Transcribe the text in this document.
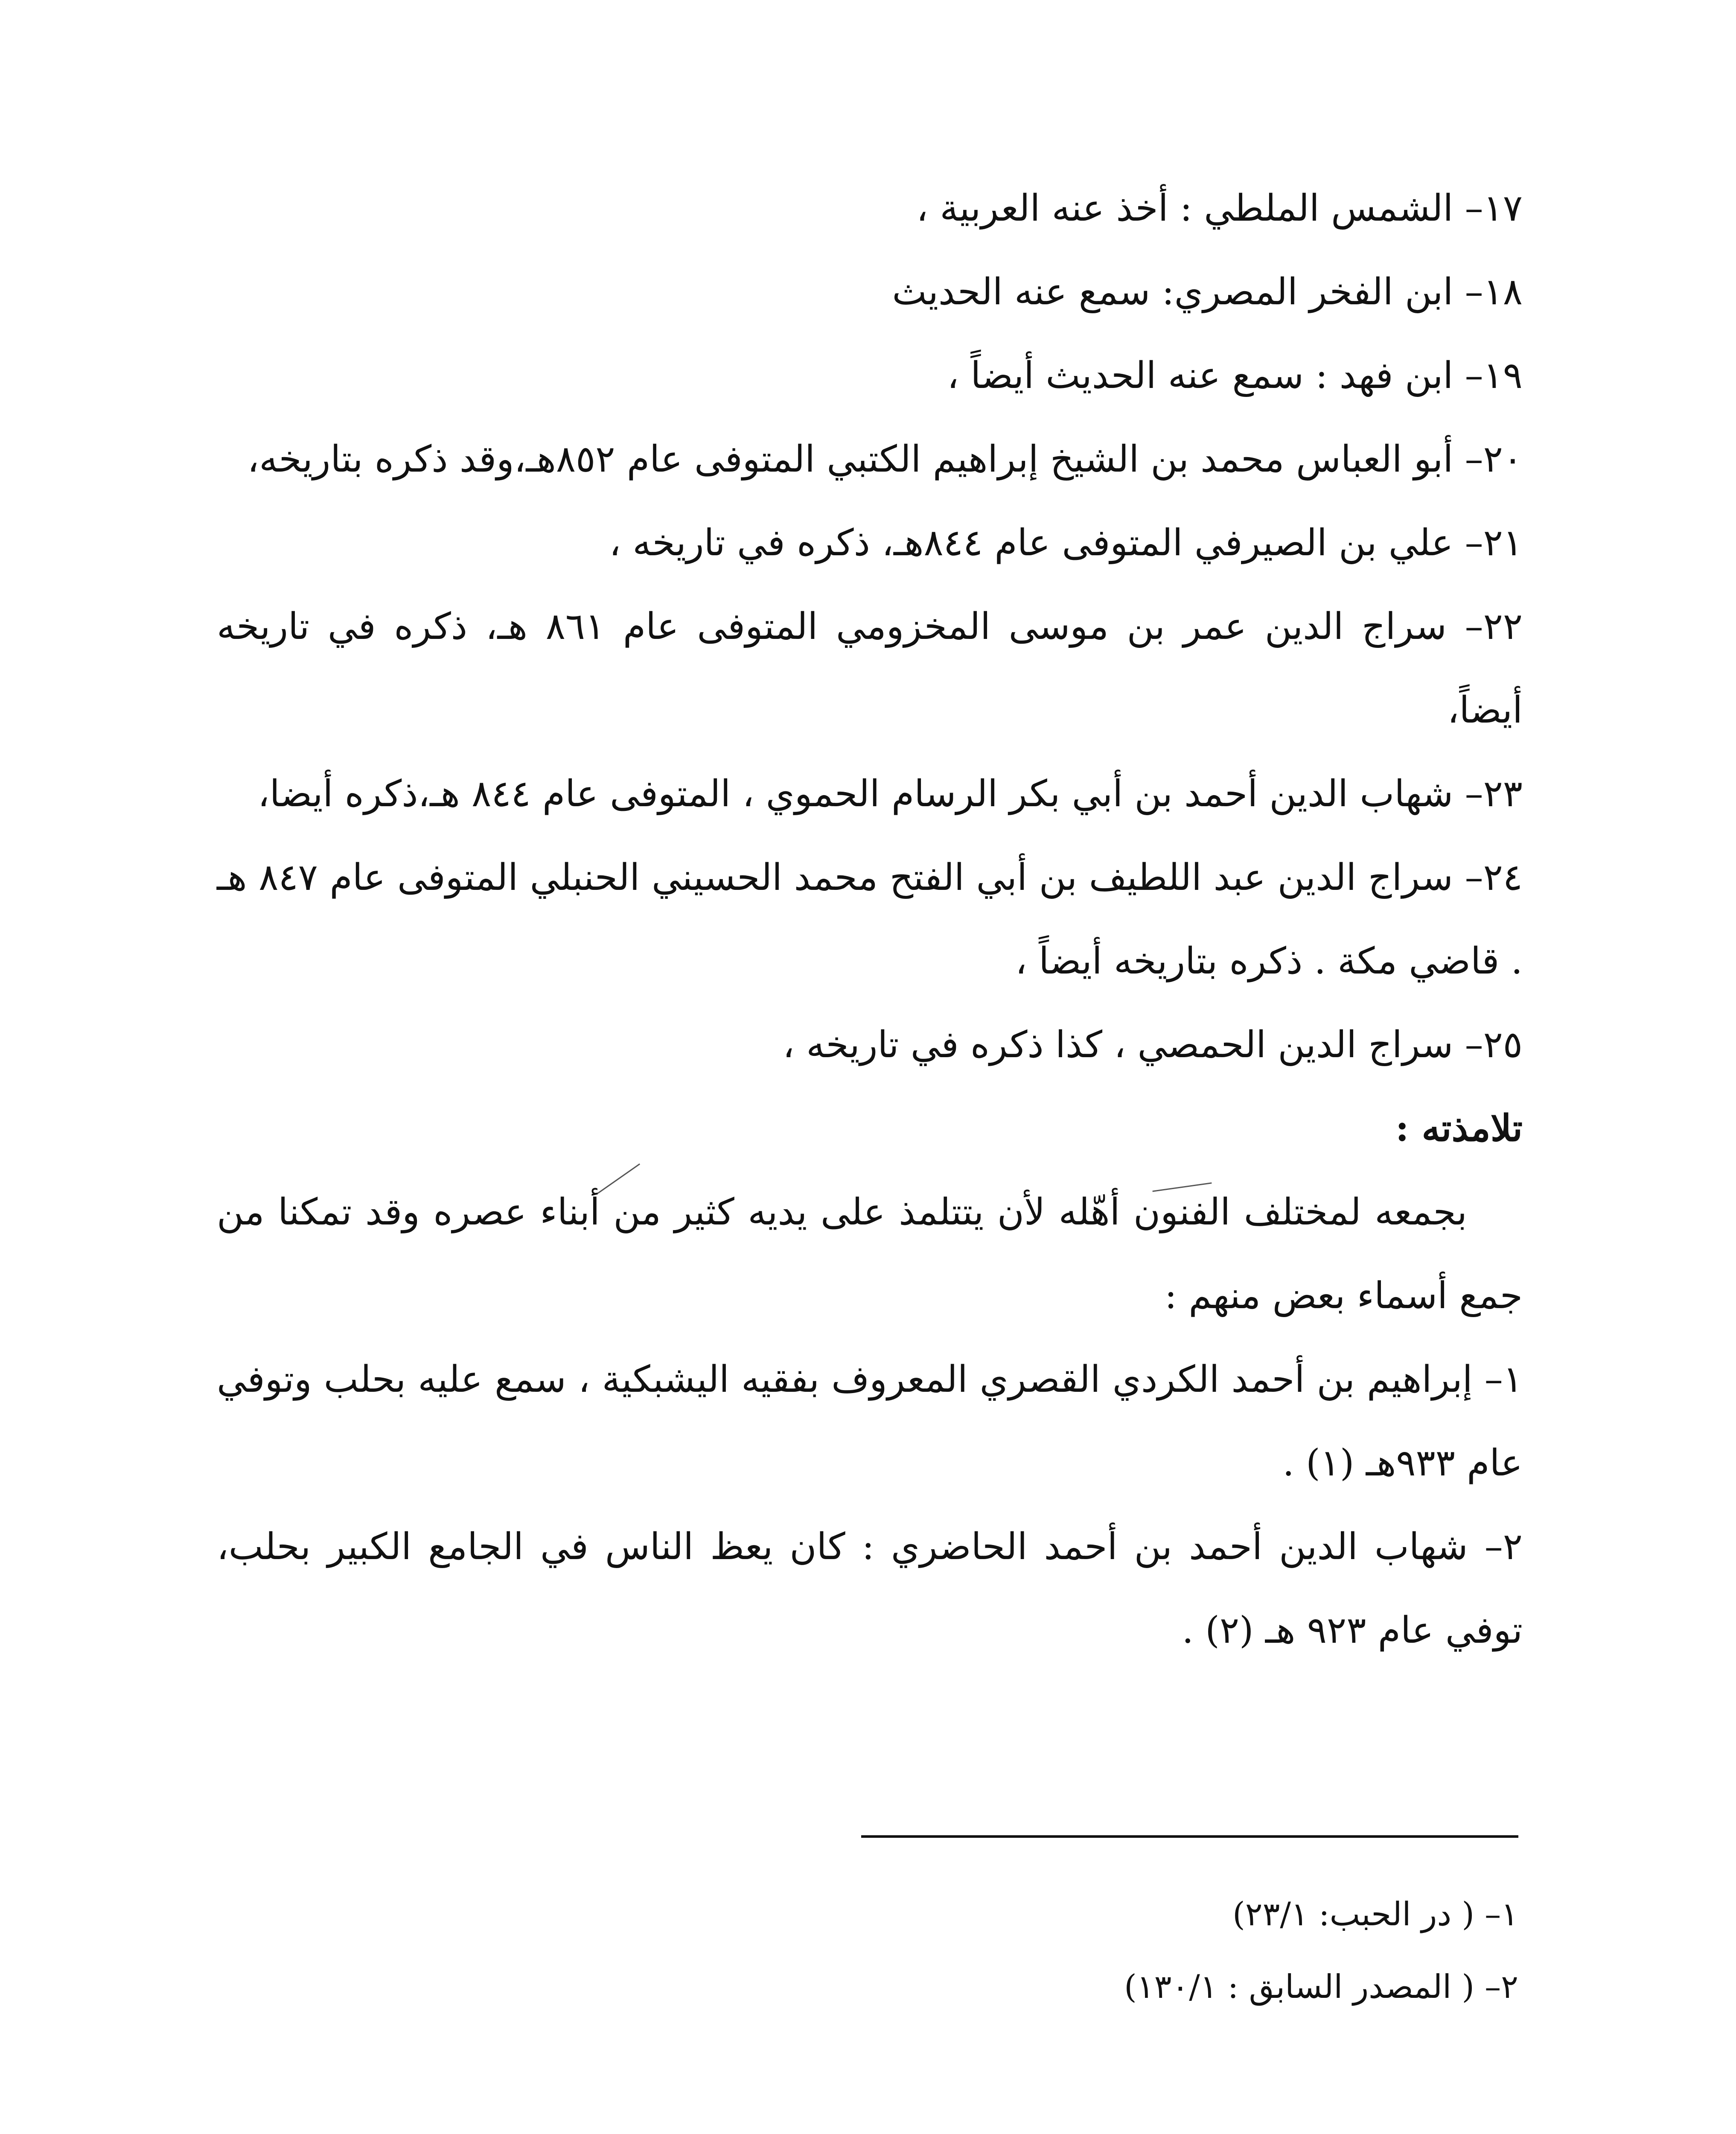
١٧– الشمس الملطي : أخذ عنه العربية ،

١٨– ابن الفخر المصري: سمع عنه الحديث

١٩– ابن فهد : سمع عنه الحديث أيضاً ،

٢٠– أبو العباس محمد بن الشيخ إبراهيم الكتبي المتوفى عام ٨٥٢هـ،وقد ذكره بتاريخه،

٢١– علي بن الصيرفي المتوفى عام ٨٤٤هـ، ذكره في تاريخه ،

٢٢– سراج الدين عمر بن موسى المخزومي المتوفى عام ٨٦١ هـ، ذكره في تاريخه أيضاً،

٢٣– شهاب الدين أحمد بن أبي بكر الرسام الحموي ، المتوفى عام ٨٤٤ هـ،ذكره أيضا،

٢٤– سراج الدين عبد اللطيف بن أبي الفتح محمد الحسيني الحنبلي المتوفى عام ٨٤٧ هـ . قاضي مكة . ذكره بتاريخه أيضاً ،

٢٥– سراج الدين الحمصي ، كذا ذكره في تاريخه ،

تلامذته :

بجمعه لمختلف الفنون أهّله لأن يتتلمذ على يديه كثير من أبناء عصره وقد تمكنا من جمع أسماء بعض منهم :

١– إبراهيم بن أحمد الكردي القصري المعروف بفقيه اليشبكية ، سمع عليه بحلب وتوفي عام ٩٣٣هـ (١) .

٢– شهاب الدين أحمد بن أحمد الحاضري : كان يعظ الناس في الجامع الكبير بحلب، توفي عام ٩٢٣ هـ (٢) .

١– ( در الحبب: ٢٣/١)

٢– ( المصدر السابق : ١٣٠/١)
